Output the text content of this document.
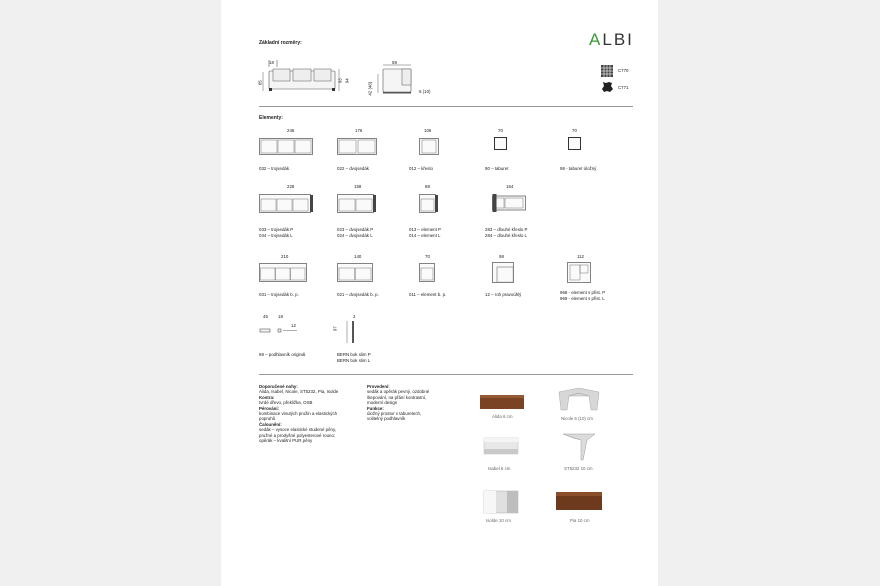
ALBI
Základní rozměry:
18
65	93 94
59
42 (46)	6 (10)
C770
C771
Elementy:
246
032 – trojsedák
176
022 – dvojsedák
106
012 – křeslo
70
90 – taburet
70
98 - taburet úložný
228
033 – trojsedák P
034 – trojsedák L
158
023 – dvojsedák P
024 – dvojsedák L
88
013 – element P
014 – element L
164
283 – dlouhé křeslo P
284 – dlouhé křeslo L
210
031 – trojsedák b. p.
140
021 – dvojsedák b. p.
70
011 – element b. p.
98
12 – roh pravoúhlý
112
968 - element s přist. P
969 - element s přist. L
45 18
12
69 – podhlavník originál
2
97
BERN bok slim P
BERN bok slim L
Doporučené nohy:
Alida, Isabel, Nicole, ST5232, Pia, Isolde
Kostra:
tvrdé dřevo, překližka, OSB
Pérování:
kombinace vinutých pružin a elastických
popruhů
Čalounění:
sedák – vysoce elastické studené pěny,
pružné a prodyšné polyesterové rouno;
opěrák – kvalitní PUR pěny
Provedení:
sedák a opěrák pevný, ozdobné
štepování, na přání kontrastní,
moderní design
Funkce:
úložný prostor v taburetech,
volitelný podhlavník	Alida 6 cm	Nicole 6 (10) cm
Isabel 6 cm	ST5232 10 cm
Isolde 10 cm	Pia 10 cm
